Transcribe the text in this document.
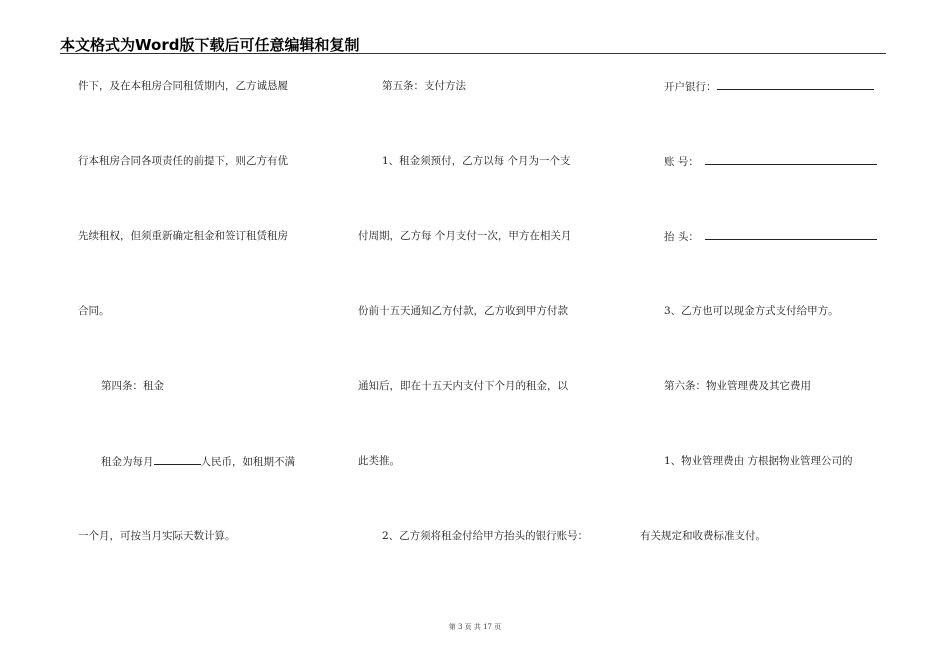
本文格式为Word版下载后可任意编辑和复制
件下，及在本租房合同租赁期内，乙方诚恳履
行本租房合同各项责任的前提下，则乙方有优
先续租权，但须重新确定租金和签订租赁租房
合同。
第四条：租金
租金为每月	人民币，如租期不满
一个月，可按当月实际天数计算。
第五条：支付方法
1、租金须预付，乙方以每 个月为一个支
付周期，乙方每 个月支付一次，甲方在相关月
份前十五天通知乙方付款，乙方收到甲方付款
通知后，即在十五天内支付下个月的租金，以
此类推。
2、乙方须将租金付给甲方抬头的银行账号：
开户银行：
账 号：
抬 头：
3、乙方也可以现金方式支付给甲方。
第六条：物业管理费及其它费用
1、物业管理费由 方根据物业管理公司的
有关规定和收费标准支付。
第 3 页 共 17 页
